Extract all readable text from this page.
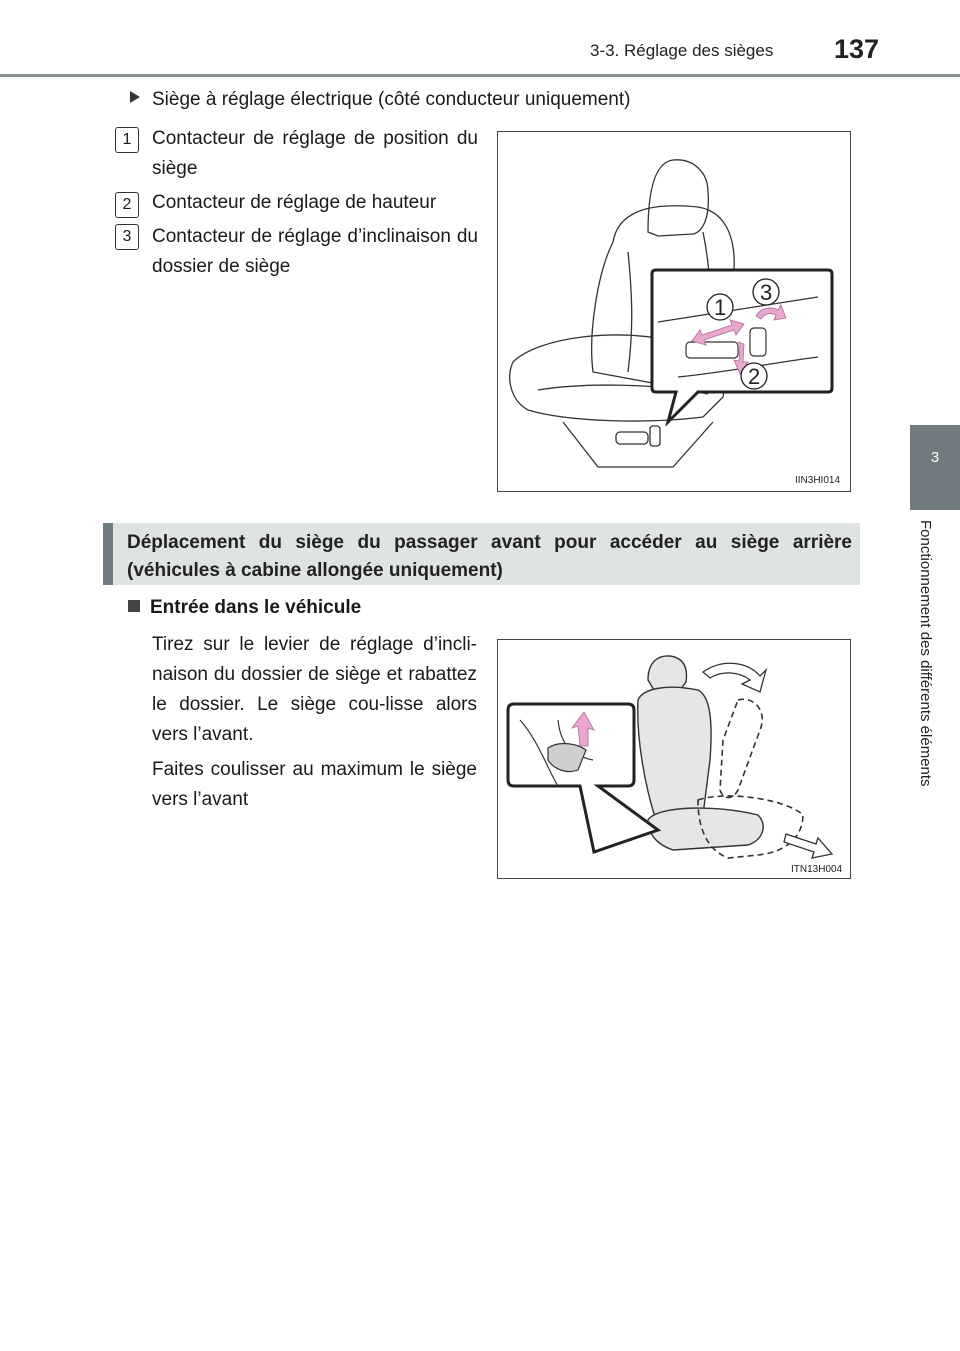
3-3. Réglage des sièges 137
3
Fonctionnement des différents éléments
Siège à réglage électrique (côté conducteur uniquement)
1	Contacteur de réglage de position du siège
2	Contacteur de réglage de hauteur
3	Contacteur de réglage d’inclinaison du dossier de siège
1
3
2
IIN3HI014
Déplacement du siège du passager avant pour accéder au siège arrière (véhicules à cabine allongée uniquement)
Entrée dans le véhicule
Tirez sur le levier de réglage d’incli-naison du dossier de siège et rabattez le dossier. Le siège cou-lisse alors vers l’avant.
Faites coulisser au maximum le siège vers l’avant
ITN13H004
